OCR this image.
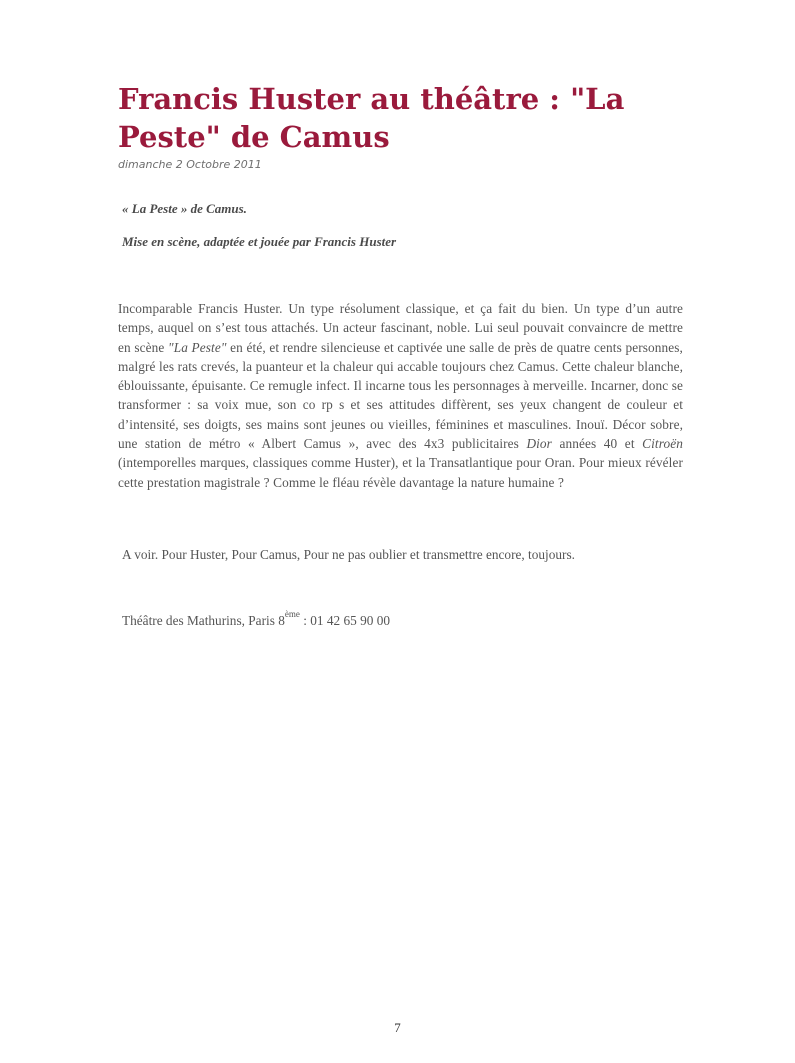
Francis Huster au théâtre : "La Peste" de Camus

dimanche 2 Octobre 2011

« La Peste » de Camus.

Mise en scène, adaptée et jouée par Francis Huster

Incomparable Francis Huster. Un type résolument classique, et ça fait du bien. Un type d’un autre temps, auquel on s’est tous attachés. Un acteur fascinant, noble. Lui seul pouvait convaincre de mettre en scène "La Peste" en été, et rendre silencieuse et captivée une salle de près de quatre cents personnes, malgré les rats crevés, la puanteur et la chaleur qui accable toujours chez Camus. Cette chaleur blanche, éblouissante, épuisante. Ce remugle infect. Il incarne tous les personnages à merveille. Incarner, donc se transformer : sa voix mue, son co rp s et ses attitudes diffèrent, ses yeux changent de couleur et d’intensité, ses doigts, ses mains sont jeunes ou vieilles, féminines et masculines. Inouï. Décor sobre, une station de métro « Albert Camus », avec des 4x3 publicitaires Dior années 40 et Citroën (intemporelles marques, classiques comme Huster), et la Transatlantique pour Oran. Pour mieux révéler cette prestation magistrale ? Comme le fléau révèle davantage la nature humaine ?

A voir. Pour Huster, Pour Camus, Pour ne pas oublier et transmettre encore, toujours.

Théâtre des Mathurins, Paris 8ème : 01 42 65 90 00

7
